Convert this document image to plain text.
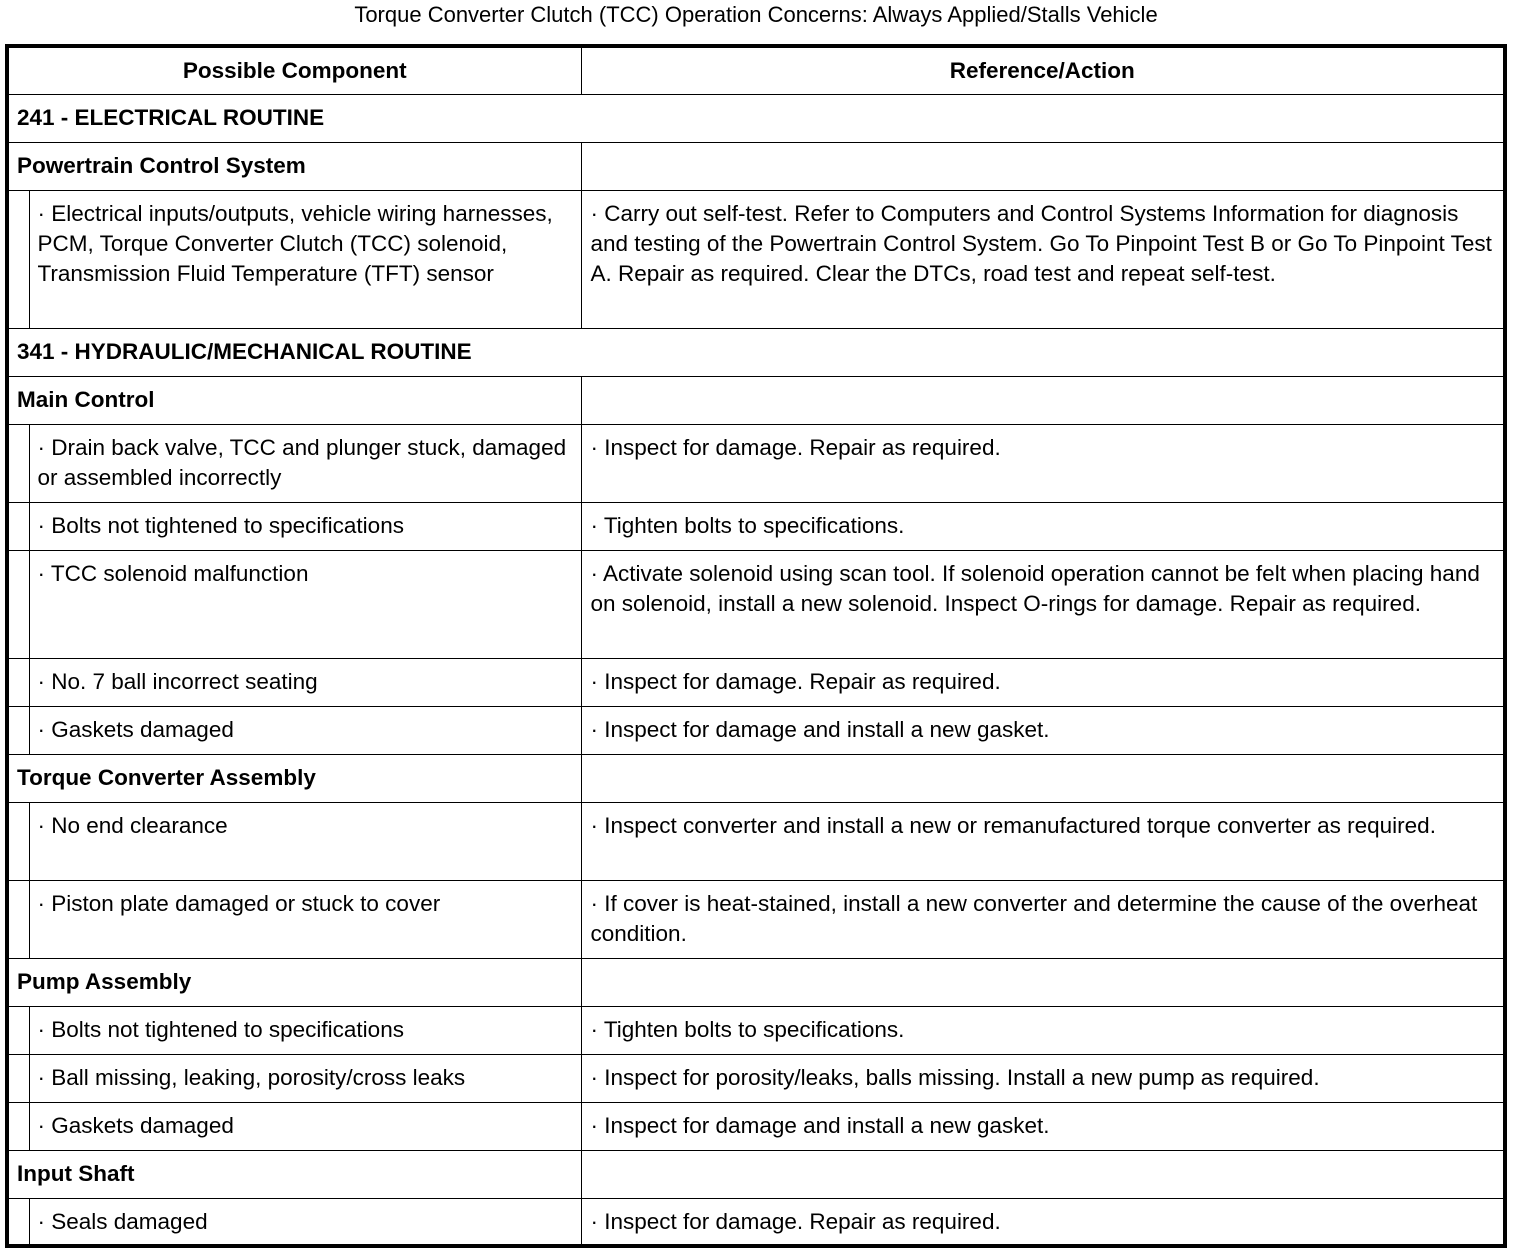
Torque Converter Clutch (TCC) Operation Concerns: Always Applied/Stalls Vehicle
Possible Component		Reference/Action
241 - ELECTRICAL ROUTINE		
Powertrain Control System		
	· Electrical inputs/outputs, vehicle wiring harnesses, PCM, Torque Converter Clutch (TCC) solenoid, Transmission Fluid Temperature (TFT) sensor	· Carry out self-test. Refer to Computers and Control Systems Information for diagnosis and testing of the Powertrain Control System. Go To Pinpoint Test B or Go To Pinpoint Test A. Repair as required. Clear the DTCs, road test and repeat self-test.
341 - HYDRAULIC/MECHANICAL ROUTINE		
Main Control		
	· Drain back valve, TCC and plunger stuck, damaged or assembled incorrectly	· Inspect for damage. Repair as required.
	· Bolts not tightened to specifications	· Tighten bolts to specifications.
	· TCC solenoid malfunction	· Activate solenoid using scan tool. If solenoid operation cannot be felt when placing hand on solenoid, install a new solenoid. Inspect O-rings for damage. Repair as required.
	· No. 7 ball incorrect seating	· Inspect for damage. Repair as required.
	· Gaskets damaged	· Inspect for damage and install a new gasket.
Torque Converter Assembly		
	· No end clearance	· Inspect converter and install a new or remanufactured torque converter as required.
	· Piston plate damaged or stuck to cover	· If cover is heat-stained, install a new converter and determine the cause of the overheat condition.
Pump Assembly		
	· Bolts not tightened to specifications	· Tighten bolts to specifications.
	· Ball missing, leaking, porosity/cross leaks	· Inspect for porosity/leaks, balls missing. Install a new pump as required.
	· Gaskets damaged	· Inspect for damage and install a new gasket.
Input Shaft		
	· Seals damaged	· Inspect for damage. Repair as required.
